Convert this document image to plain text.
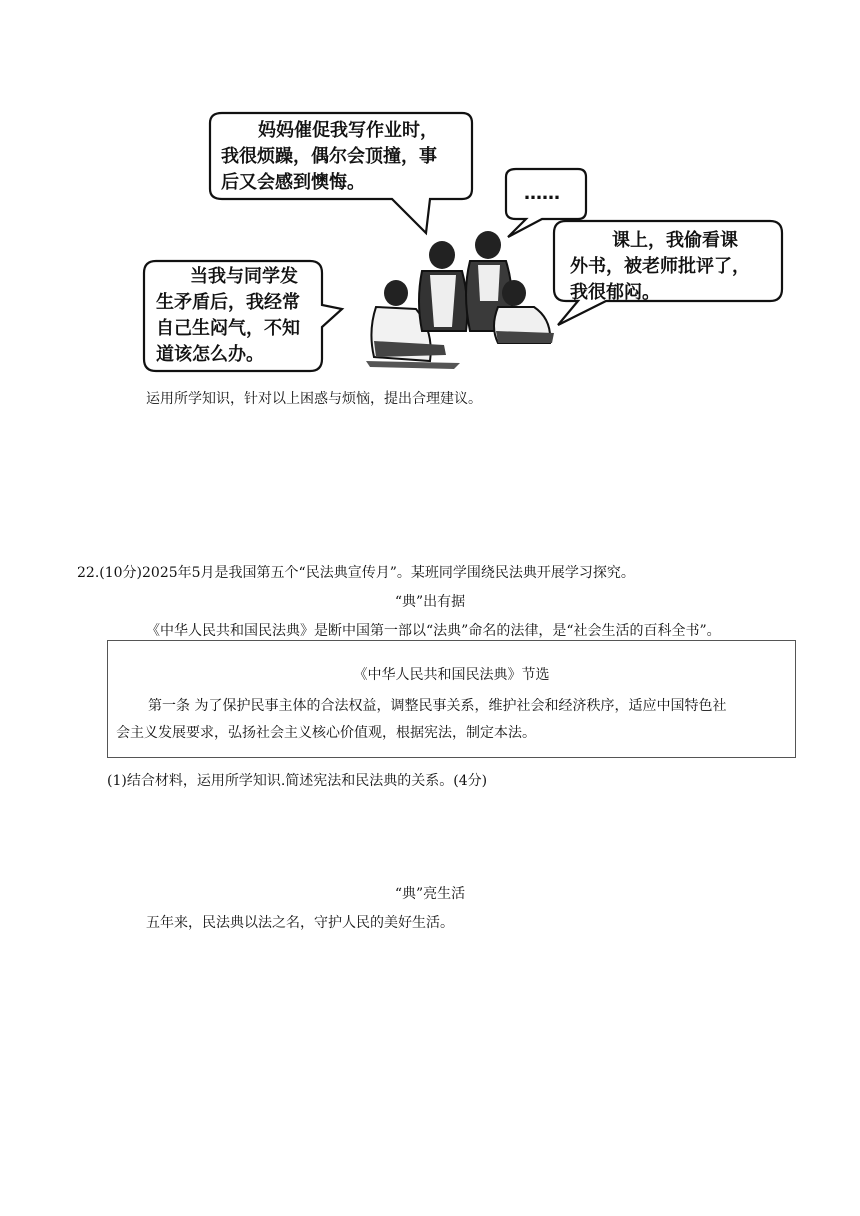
妈妈催促我写作业时，
我很烦躁，偶尔会顶撞，事
后又会感到懊悔。
……
课上，我偷看课
外书，被老师批评了，
我很郁闷。
当我与同学发
生矛盾后，我经常
自己生闷气，不知
道该怎么办。
运用所学知识，针对以上困惑与烦恼，提出合理建议。
22.(10分)2025年5月是我国第五个“民法典宣传月”。某班同学围绕民法典开展学习探究。
“典”出有据
《中华人民共和国民法典》是断中国第一部以“法典”命名的法律，是“社会生活的百科全书”。
《中华人民共和国民法典》节选
第一条 为了保护民事主体的合法权益，调整民事关系，维护社会和经济秩序，适应中国特色社
会主义发展要求，弘扬社会主义核心价值观，根据宪法，制定本法。
(1)结合材料，运用所学知识.简述宪法和民法典的关系。(4分)
“典”亮生活
五年来，民法典以法之名，守护人民的美好生活。
